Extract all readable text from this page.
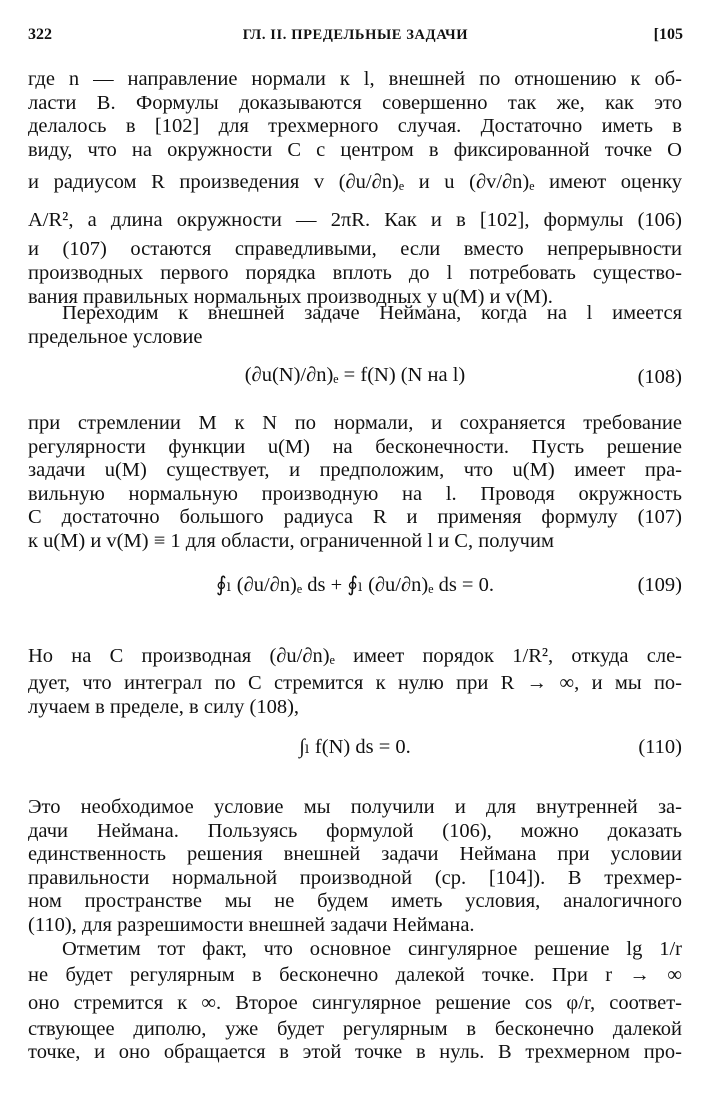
322	ГЛ. II. ПРЕДЕЛЬНЫЕ ЗАДАЧИ	[105
где n — направление нормали к l, внешней по отношению к об-
ласти B. Формулы доказываются совершенно так же, как это
делалось в [102] для трехмерного случая. Достаточно иметь в
виду, что на окружности C с центром в фиксированной точке O
и радиусом R произведения v (∂u/∂n)ₑ и u (∂v/∂n)ₑ имеют оценку
A/R², а длина окружности — 2πR. Как и в [102], формулы (106)
и (107) остаются справедливыми, если вместо непрерывности
производных первого порядка вплоть до l потребовать существо-
вания правильных нормальных производных у u(M) и v(M).
Переходим к внешней задаче Неймана, когда на l имеется
предельное условие
(∂u(N)/∂n)ₑ = f(N) (N на l)	(108)
при стремлении M к N по нормали, и сохраняется требование
регулярности функции u(M) на бесконечности. Пусть решение
задачи u(M) существует, и предположим, что u(M) имеет пра-
вильную нормальную производную на l. Проводя окружность
C достаточно большого радиуса R и применяя формулу (107)
к u(M) и v(M) ≡ 1 для области, ограниченной l и C, получим
∮ₗ (∂u/∂n)ₑ ds + ∮ₗ (∂u/∂n)ₑ ds = 0.	(109)
Но на C производная (∂u/∂n)ₑ имеет порядок 1/R², откуда сле-
дует, что интеграл по C стремится к нулю при R → ∞, и мы по-
лучаем в пределе, в силу (108),
∫ₗ f(N) ds = 0.	(110)
Это необходимое условие мы получили и для внутренней за-
дачи Неймана. Пользуясь формулой (106), можно доказать
единственность решения внешней задачи Неймана при условии
правильности нормальной производной (ср. [104]). В трехмер-
ном пространстве мы не будем иметь условия, аналогичного
(110), для разрешимости внешней задачи Неймана.
Отметим тот факт, что основное сингулярное решение lg 1/r
не будет регулярным в бесконечно далекой точке. При r → ∞
оно стремится к ∞. Второе сингулярное решение cos φ/r, соответ-
ствующее диполю, уже будет регулярным в бесконечно далекой
точке, и оно обращается в этой точке в нуль. В трехмерном про-
